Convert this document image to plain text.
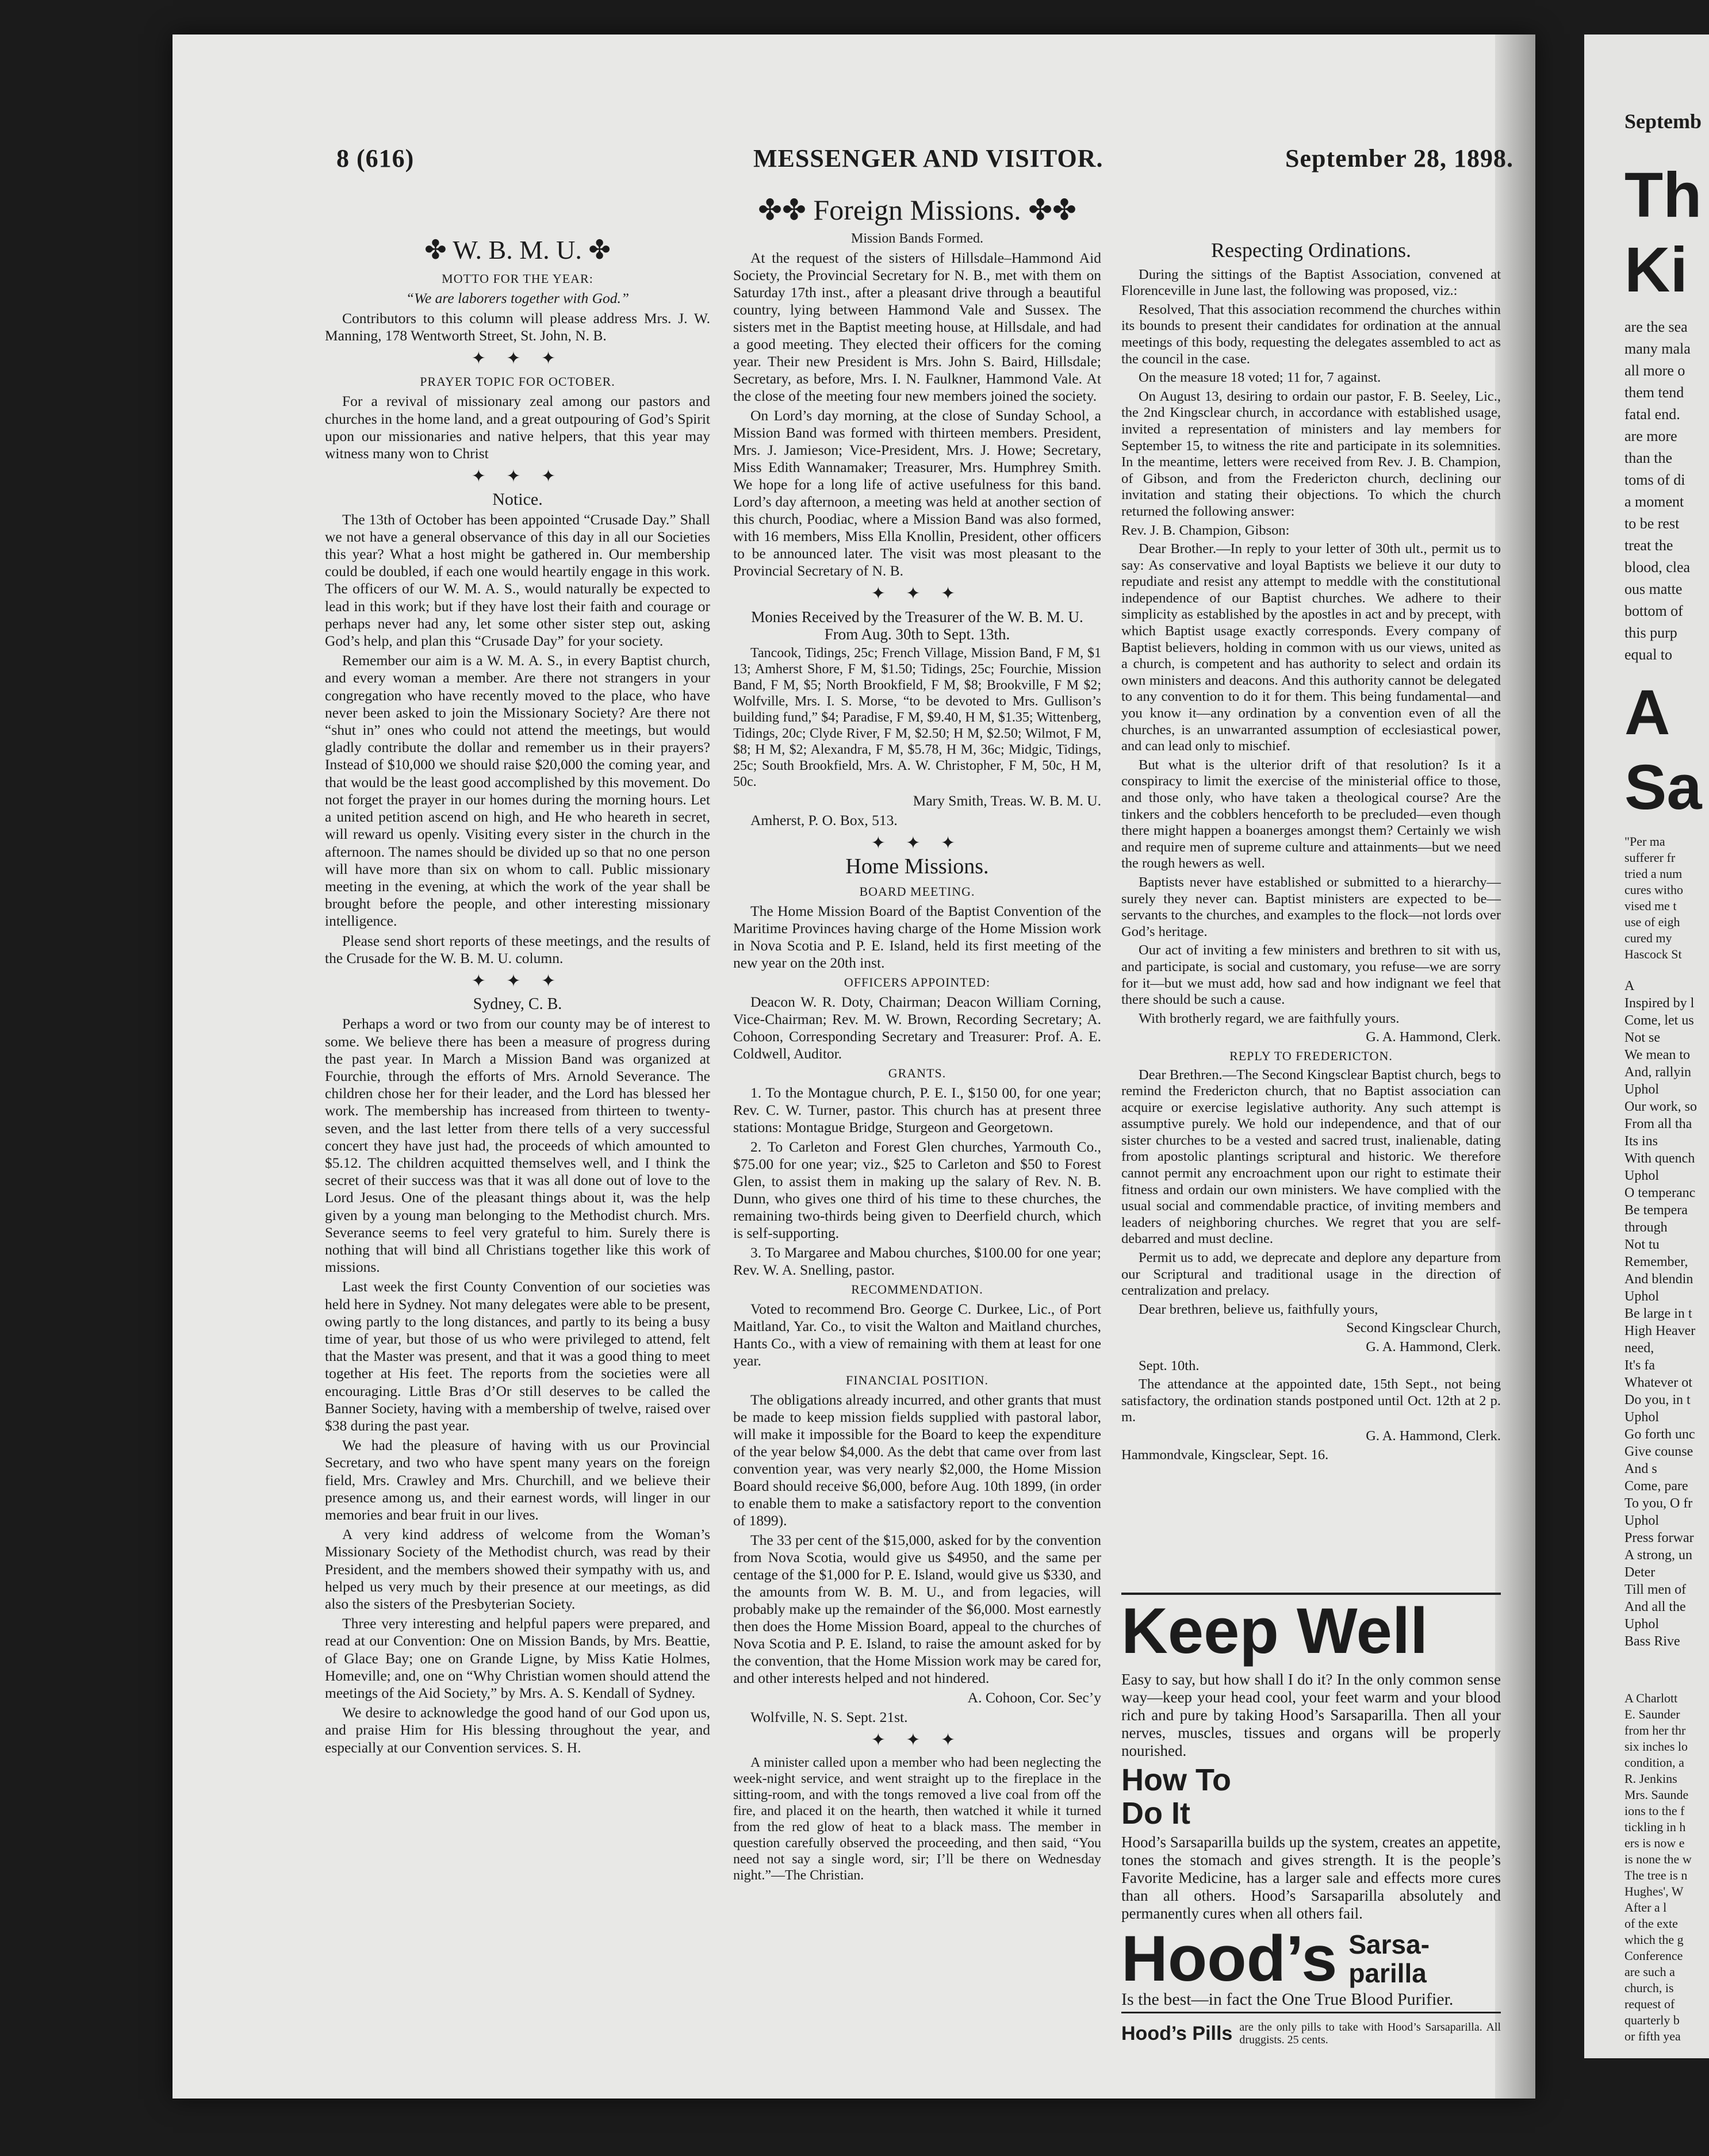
8 (616)	MESSENGER AND VISITOR.	September 28, 1898.
✤ W. B. M. U. ✤

MOTTO FOR THE YEAR:

“We are laborers together with God.”

Contributors to this column will please address Mrs. J. W. Manning, 178 Wentworth Street, St. John, N. B.

✦ ✦ ✦

PRAYER TOPIC FOR OCTOBER.

For a revival of missionary zeal among our pastors and churches in the home land, and a great outpouring of God’s Spirit upon our missionaries and native helpers, that this year may witness many won to Christ

✦ ✦ ✦

Notice.

The 13th of October has been appointed “Crusade Day.” Shall we not have a general observance of this day in all our Societies this year? What a host might be gathered in. Our membership could be doubled, if each one would heartily engage in this work. The officers of our W. M. A. S., would naturally be expected to lead in this work; but if they have lost their faith and courage or perhaps never had any, let some other sister step out, asking God’s help, and plan this “Crusade Day” for your society.

Remember our aim is a W. M. A. S., in every Baptist church, and every woman a member. Are there not strangers in your congregation who have recently moved to the place, who have never been asked to join the Missionary Society? Are there not “shut in” ones who could not attend the meetings, but would gladly contribute the dollar and remember us in their prayers? Instead of $10,000 we should raise $20,000 the coming year, and that would be the least good accomplished by this movement. Do not forget the prayer in our homes during the morning hours. Let a united petition ascend on high, and He who heareth in secret, will reward us openly. Visiting every sister in the church in the afternoon. The names should be divided up so that no one person will have more than six on whom to call. Public missionary meeting in the evening, at which the work of the year shall be brought before the people, and other interesting missionary intelligence.

Please send short reports of these meetings, and the results of the Crusade for the W. B. M. U. column.

✦ ✦ ✦

Sydney, C. B.

Perhaps a word or two from our county may be of interest to some. We believe there has been a measure of progress during the past year. In March a Mission Band was organized at Fourchie, through the efforts of Mrs. Arnold Severance. The children chose her for their leader, and the Lord has blessed her work. The membership has increased from thirteen to twenty-seven, and the last letter from there tells of a very successful concert they have just had, the proceeds of which amounted to $5.12. The children acquitted themselves well, and I think the secret of their success was that it was all done out of love to the Lord Jesus. One of the pleasant things about it, was the help given by a young man belonging to the Methodist church. Mrs. Severance seems to feel very grateful to him. Surely there is nothing that will bind all Christians together like this work of missions.

Last week the first County Convention of our societies was held here in Sydney. Not many delegates were able to be present, owing partly to the long distances, and partly to its being a busy time of year, but those of us who were privileged to attend, felt that the Master was present, and that it was a good thing to meet together at His feet. The reports from the societies were all encouraging. Little Bras d’Or still deserves to be called the Banner Society, having with a membership of twelve, raised over $38 during the past year.

We had the pleasure of having with us our Provincial Secretary, and two who have spent many years on the foreign field, Mrs. Crawley and Mrs. Churchill, and we believe their presence among us, and their earnest words, will linger in our memories and bear fruit in our lives.

A very kind address of welcome from the Woman’s Missionary Society of the Methodist church, was read by their President, and the members showed their sympathy with us, and helped us very much by their presence at our meetings, as did also the sisters of the Presbyterian Society.

Three very interesting and helpful papers were prepared, and read at our Convention: One on Mission Bands, by Mrs. Beattie, of Glace Bay; one on Grande Ligne, by Miss Katie Holmes, Homeville; and, one on “Why Christian women should attend the meetings of the Aid Society,” by Mrs. A. S. Kendall of Sydney.

We desire to acknowledge the good hand of our God upon us, and praise Him for His blessing throughout the year, and especially at our Convention services. S. H.

✤✤ Foreign Missions. ✤✤

Mission Bands Formed.

At the request of the sisters of Hillsdale–Hammond Aid Society, the Provincial Secretary for N. B., met with them on Saturday 17th inst., after a pleasant drive through a beautiful country, lying between Hammond Vale and Sussex. The sisters met in the Baptist meeting house, at Hillsdale, and had a good meeting. They elected their officers for the coming year. Their new President is Mrs. John S. Baird, Hillsdale; Secretary, as before, Mrs. I. N. Faulkner, Hammond Vale. At the close of the meeting four new members joined the society.

On Lord’s day morning, at the close of Sunday School, a Mission Band was formed with thirteen members. President, Mrs. J. Jamieson; Vice-President, Mrs. J. Howe; Secretary, Miss Edith Wannamaker; Treasurer, Mrs. Humphrey Smith. We hope for a long life of active usefulness for this band. Lord’s day afternoon, a meeting was held at another section of this church, Poodiac, where a Mission Band was also formed, with 16 members, Miss Ella Knollin, President, other officers to be announced later. The visit was most pleasant to the Provincial Secretary of N. B.

✦ ✦ ✦

Monies Received by the Treasurer of the W. B. M. U. From Aug. 30th to Sept. 13th.

Tancook, Tidings, 25c; French Village, Mission Band, F M, $1 13; Amherst Shore, F M, $1.50; Tidings, 25c; Fourchie, Mission Band, F M, $5; North Brookfield, F M, $8; Brookville, F M $2; Wolfville, Mrs. I. S. Morse, “to be devoted to Mrs. Gullison’s building fund,” $4; Paradise, F M, $9.40, H M, $1.35; Wittenberg, Tidings, 20c; Clyde River, F M, $2.50; H M, $2.50; Wilmot, F M, $8; H M, $2; Alexandra, F M, $5.78, H M, 36c; Midgic, Tidings, 25c; South Brookfield, Mrs. A. W. Christopher, F M, 50c, H M, 50c.

Mary Smith, Treas. W. B. M. U.

Amherst, P. O. Box, 513.

✦ ✦ ✦
Home Missions.

BOARD MEETING.

The Home Mission Board of the Baptist Convention of the Maritime Provinces having charge of the Home Mission work in Nova Scotia and P. E. Island, held its first meeting of the new year on the 20th inst.

OFFICERS APPOINTED:

Deacon W. R. Doty, Chairman; Deacon William Corning, Vice-Chairman; Rev. M. W. Brown, Recording Secretary; A. Cohoon, Corresponding Secretary and Treasurer: Prof. A. E. Coldwell, Auditor.

GRANTS.

1. To the Montague church, P. E. I., $150 00, for one year; Rev. C. W. Turner, pastor. This church has at present three stations: Montague Bridge, Sturgeon and Georgetown.

2. To Carleton and Forest Glen churches, Yarmouth Co., $75.00 for one year; viz., $25 to Carleton and $50 to Forest Glen, to assist them in making up the salary of Rev. N. B. Dunn, who gives one third of his time to these churches, the remaining two-thirds being given to Deerfield church, which is self-supporting.

3. To Margaree and Mabou churches, $100.00 for one year; Rev. W. A. Snelling, pastor.

RECOMMENDATION.

Voted to recommend Bro. George C. Durkee, Lic., of Port Maitland, Yar. Co., to visit the Walton and Maitland churches, Hants Co., with a view of remaining with them at least for one year.

FINANCIAL POSITION.

The obligations already incurred, and other grants that must be made to keep mission fields supplied with pastoral labor, will make it impossible for the Board to keep the expenditure of the year below $4,000. As the debt that came over from last convention year, was very nearly $2,000, the Home Mission Board should receive $6,000, before Aug. 10th 1899, (in order to enable them to make a satisfactory report to the convention of 1899).

The 33 per cent of the $15,000, asked for by the convention from Nova Scotia, would give us $4950, and the same per centage of the $1,000 for P. E. Island, would give us $330, and the amounts from W. B. M. U., and from legacies, will probably make up the remainder of the $6,000. Most earnestly then does the Home Mission Board, appeal to the churches of Nova Scotia and P. E. Island, to raise the amount asked for by the convention, that the Home Mission work may be cared for, and other interests helped and not hindered.

A. Cohoon, Cor. Sec’y

Wolfville, N. S. Sept. 21st.

✦ ✦ ✦

A minister called upon a member who had been neglecting the week-night service, and went straight up to the fireplace in the sitting-room, and with the tongs removed a live coal from off the fire, and placed it on the hearth, then watched it while it turned from the red glow of heat to a black mass. The member in question carefully observed the proceeding, and then said, “You need not say a single word, sir; I’ll be there on Wednesday night.”—The Christian.

Respecting Ordinations.

During the sittings of the Baptist Association, convened at Florenceville in June last, the following was proposed, viz.:

Resolved, That this association recommend the churches within its bounds to present their candidates for ordination at the annual meetings of this body, requesting the delegates assembled to act as the council in the case.

On the measure 18 voted; 11 for, 7 against.

On August 13, desiring to ordain our pastor, F. B. Seeley, Lic., the 2nd Kingsclear church, in accordance with established usage, invited a representation of ministers and lay members for September 15, to witness the rite and participate in its solemnities. In the meantime, letters were received from Rev. J. B. Champion, of Gibson, and from the Fredericton church, declining our invitation and stating their objections. To which the church returned the following answer:

Rev. J. B. Champion, Gibson:

Dear Brother.—In reply to your letter of 30th ult., permit us to say: As conservative and loyal Baptists we believe it our duty to repudiate and resist any attempt to meddle with the constitutional independence of our Baptist churches. We adhere to their simplicity as established by the apostles in act and by precept, with which Baptist usage exactly corresponds. Every company of Baptist believers, holding in common with us our views, united as a church, is competent and has authority to select and ordain its own ministers and deacons. And this authority cannot be delegated to any convention to do it for them. This being fundamental—and you know it—any ordination by a convention even of all the churches, is an unwarranted assumption of ecclesiastical power, and can lead only to mischief.

But what is the ulterior drift of that resolution? Is it a conspiracy to limit the exercise of the ministerial office to those, and those only, who have taken a theological course? Are the tinkers and the cobblers henceforth to be precluded—even though there might happen a boanerges amongst them? Certainly we wish and require men of supreme culture and attainments—but we need the rough hewers as well.

Baptists never have established or submitted to a hierarchy—surely they never can. Baptist ministers are expected to be—servants to the churches, and examples to the flock—not lords over God’s heritage.

Our act of inviting a few ministers and brethren to sit with us, and participate, is social and customary, you refuse—we are sorry for it—but we must add, how sad and how indignant we feel that there should be such a cause.

With brotherly regard, we are faithfully yours.

G. A. Hammond, Clerk.

REPLY TO FREDERICTON.

Dear Brethren.—The Second Kingsclear Baptist church, begs to remind the Fredericton church, that no Baptist association can acquire or exercise legislative authority. Any such attempt is assumptive purely. We hold our independence, and that of our sister churches to be a vested and sacred trust, inalienable, dating from apostolic plantings scriptural and historic. We therefore cannot permit any encroachment upon our right to estimate their fitness and ordain our own ministers. We have complied with the usual social and commendable practice, of inviting members and leaders of neighboring churches. We regret that you are self-debarred and must decline.

Permit us to add, we deprecate and deplore any departure from our Scriptural and traditional usage in the direction of centralization and prelacy.

Dear brethren, believe us, faithfully yours,

Second Kingsclear Church,

G. A. Hammond, Clerk.

Sept. 10th.

The attendance at the appointed date, 15th Sept., not being satisfactory, the ordination stands postponed until Oct. 12th at 2 p. m.

G. A. Hammond, Clerk.

Hammondvale, Kingsclear, Sept. 16.

Keep Well
Easy to say, but how shall I do it? In the only common sense way—keep your head cool, your feet warm and your blood rich and pure by taking Hood’s Sarsaparilla. Then all your nerves, muscles, tissues and organs will be properly nourished.
How To Do It
Hood’s Sarsaparilla builds up the system, creates an appetite, tones the stomach and gives strength. It is the people’s Favorite Medicine, has a larger sale and effects more cures than all others. Hood’s Sarsaparilla absolutely and permanently cures when all others fail.
Hood’s Sarsa-parilla
Is the best—in fact the One True Blood Purifier.
Hood’s Pills are the only pills to take with Hood’s Sarsaparilla. All druggists. 25 cents.
Septemb
Th
Ki
are the sea
many mala
all more o
them tend
fatal end.
are more
than the
toms of di
a moment
to be rest
treat the
blood, clea
ous matte
bottom of
this purp
equal to
A
Sa
"Per ma
sufferer fr
tried a num
cures witho
vised me t
use of eigh
cured my
Hascock St
A
Inspired by l
Come, let us
Not se
We mean to
And, rallyin
Uphol
Our work, so
From all tha
Its ins
With quench
Uphol
O temperanc
Be tempera
through
Not tu
Remember,
And blendin
Uphol
Be large in t
High Heaver
need,
It's fa
Whatever ot
Do you, in t
Uphol
Go forth unc
Give counse
And s
Come, pare
To you, O fr
Uphol
Press forwar
A strong, un
Deter
Till men of
And all the
Uphol
Bass Rive
A Charlott
E. Saunder
from her thr
six inches lo
condition, a
R. Jenkins
Mrs. Saunde
ions to the f
tickling in h
ers is now e
is none the w
The tree is n
Hughes', W
After a l
of the exte
which the g
Conference
are such a
church, is
request of
quarterly b
or fifth yea
